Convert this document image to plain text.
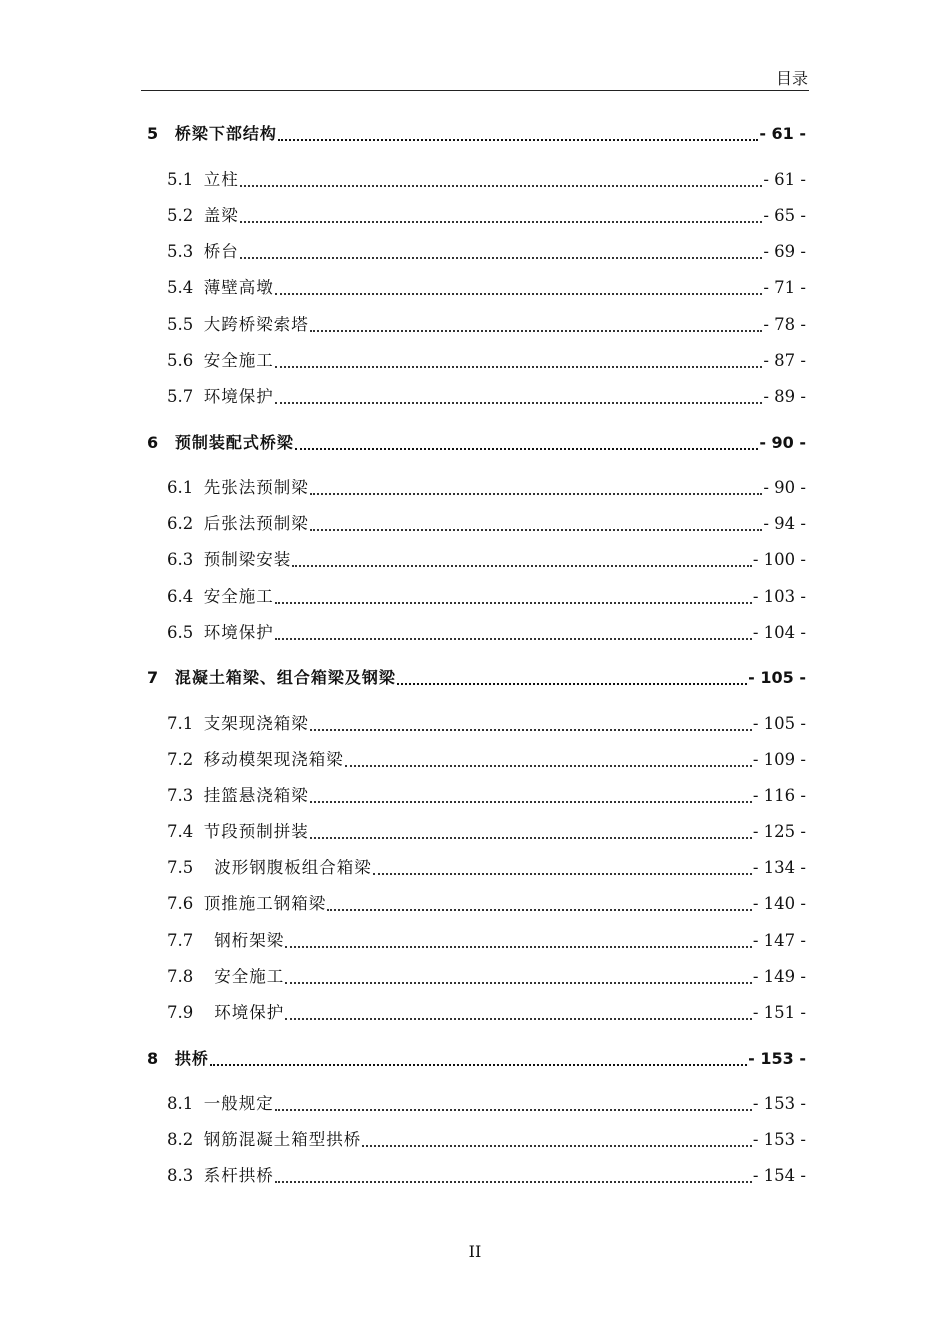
目录
5 桥梁下部结构	- 61 -
5.1 立柱	- 61 -
5.2 盖梁	- 65 -
5.3 桥台	- 69 -
5.4 薄壁高墩	- 71 -
5.5 大跨桥梁索塔	- 78 -
5.6 安全施工	- 87 -
5.7 环境保护	- 89 -
6 预制装配式桥梁	- 90 -
6.1 先张法预制梁	- 90 -
6.2 后张法预制梁	- 94 -
6.3 预制梁安装	- 100 -
6.4 安全施工	- 103 -
6.5 环境保护	- 104 -
7 混凝土箱梁、组合箱梁及钢梁	- 105 -
7.1 支架现浇箱梁	- 105 -
7.2 移动模架现浇箱梁	- 109 -
7.3 挂篮悬浇箱梁	- 116 -
7.4 节段预制拼装	- 125 -
7.5 波形钢腹板组合箱梁	- 134 -
7.6 顶推施工钢箱梁	- 140 -
7.7 钢桁架梁	- 147 -
7.8 安全施工	- 149 -
7.9 环境保护	- 151 -
8 拱桥	- 153 -
8.1 一般规定	- 153 -
8.2 钢筋混凝土箱型拱桥	- 153 -
8.3 系杆拱桥	- 154 -
II
